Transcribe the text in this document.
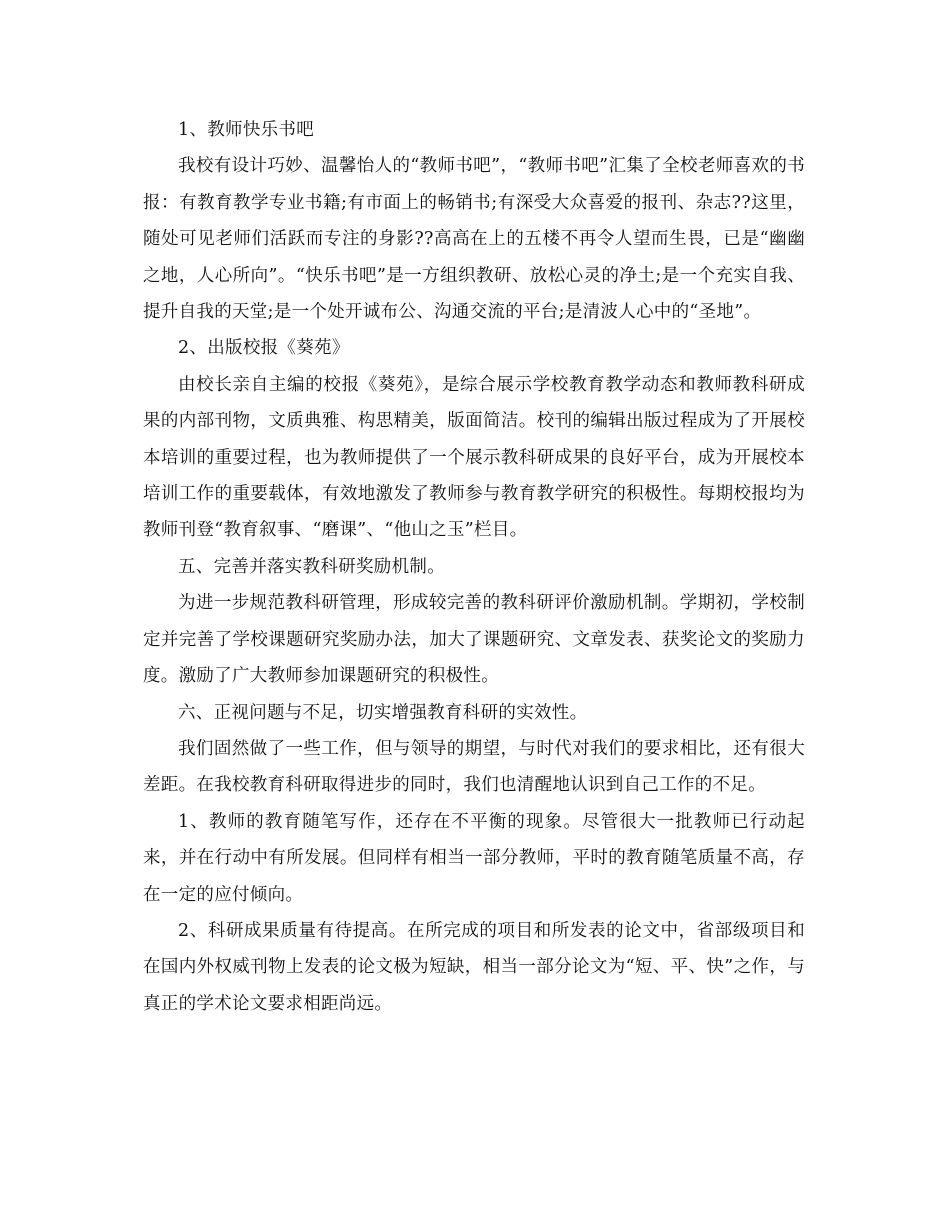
1、教师快乐书吧

我校有设计巧妙、温馨怡人的“教师书吧”，“教师书吧”汇集了全校老师喜欢的书报：有教育教学专业书籍;有市面上的畅销书;有深受大众喜爱的报刊、杂志??这里，随处可见老师们活跃而专注的身影??高高在上的五楼不再令人望而生畏，已是“幽幽之地，人心所向”。“快乐书吧”是一方组织教研、放松心灵的净土;是一个充实自我、提升自我的天堂;是一个处开诚布公、沟通交流的平台;是清波人心中的“圣地”。

2、出版校报《葵苑》

由校长亲自主编的校报《葵苑》，是综合展示学校教育教学动态和教师教科研成果的内部刊物，文质典雅、构思精美，版面简洁。校刊的编辑出版过程成为了开展校本培训的重要过程，也为教师提供了一个展示教科研成果的良好平台，成为开展校本培训工作的重要载体，有效地激发了教师参与教育教学研究的积极性。每期校报均为教师刊登“教育叙事、“磨课”、“他山之玉”栏目。

五、完善并落实教科研奖励机制。

为进一步规范教科研管理，形成较完善的教科研评价激励机制。学期初，学校制定并完善了学校课题研究奖励办法，加大了课题研究、文章发表、获奖论文的奖励力度。激励了广大教师参加课题研究的积极性。

六、正视问题与不足，切实增强教育科研的实效性。

我们固然做了一些工作，但与领导的期望，与时代对我们的要求相比，还有很大差距。在我校教育科研取得进步的同时，我们也清醒地认识到自己工作的不足。

1、教师的教育随笔写作，还存在不平衡的现象。尽管很大一批教师已行动起来，并在行动中有所发展。但同样有相当一部分教师，平时的教育随笔质量不高，存在一定的应付倾向。

2、科研成果质量有待提高。在所完成的项目和所发表的论文中，省部级项目和在国内外权威刊物上发表的论文极为短缺，相当一部分论文为“短、平、快”之作，与真正的学术论文要求相距尚远。
